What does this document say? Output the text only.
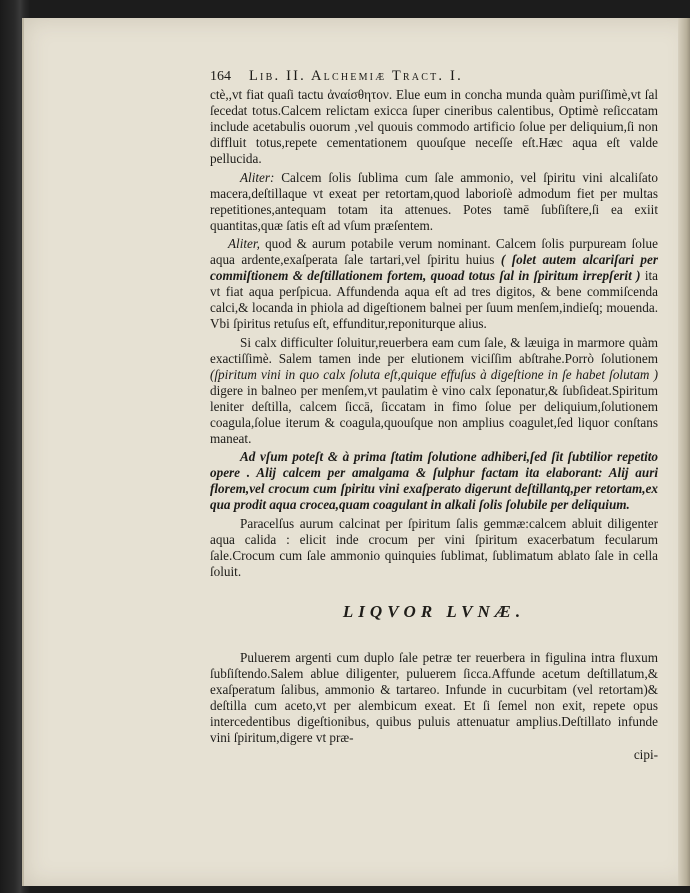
164 Lib. II. Alchemiæ Tract. I.

ctè,,vt fiat quaſi tactu ἀναίσθητον. Elue eum in concha munda quàm puriſſimè,vt ſal ſecedat totus.Calcem relictam exicca ſuper cineribus calentibus, Optimè reſiccatam include acetabulis ouorum ,vel quouis commodo artificio ſolue per deliquium,ſi non diffluit totus,repete cementationem quouſque neceſſe eſt.Hæc aqua eſt valde pellucida.

Aliter: Calcem ſolis ſublima cum ſale ammonio, vel ſpiritu vini alcaliſato macera,deſtillaque vt exeat per retortam,quod laborioſè admodum fiet per multas repetitiones,antequam totam ita attenues. Potes tamē ſubſiſtere,ſi ea exiit quantitas,quæ ſatis eſt ad vſum præſentem.

Aliter, quod & aurum potabile verum nominant. Calcem ſolis purpuream ſolue aqua ardente,exaſperata ſale tartari,vel ſpiritu huius ( ſolet autem alcariſari per commiſtionem & deſtillationem fortem, quoad totus ſal in ſpiritum irrepſerit ) ita vt fiat aqua perſpicua. Affundenda aqua eſt ad tres digitos, & bene commiſcenda calci,& locanda in phiola ad digeſtionem balnei per ſuum menſem,indieſq; mouenda. Vbi ſpiritus retuſus eſt, effunditur,reponiturque alius.

Si calx difficulter ſoluitur,reuerbera eam cum ſale, & læuiga in marmore quàm exactiſſimè. Salem tamen inde per elutionem viciſſim abſtrahe.Porrò ſolutionem (ſpiritum vini in quo calx ſoluta eſt,quique effuſus à digeſtione in ſe habet ſolutam ) digere in balneo per menſem,vt paulatim è vino calx ſeponatur,& ſubſideat.Spiritum leniter deſtilla, calcem ſiccā, ſiccatam in fimo ſolue per deliquium,ſolutionem coagula,ſolue iterum & coagula,quouſque non amplius coagulet,ſed liquor conſtans maneat.

Ad vſum poteſt & à prima ſtatim ſolutione adhiberi,ſed ſit ſubtilior repetito opere . Alij calcem per amalgama & ſulphur factam ita elaborant: Alij auri florem,vel crocum cum ſpiritu vini exaſperato digerunt deſtillantq,per retortam,ex qua prodit aqua crocea,quam coagulant in alkali ſolis ſolubile per deliquium.

Paracelſus aurum calcinat per ſpiritum ſalis gemmæ:calcem abluit diligenter aqua calida : elicit inde crocum per vini ſpiritum exacerbatum fecularum ſale.Crocum cum ſale ammonio quinquies ſublimat, ſublimatum ablato ſale in cella ſoluit.

LIQVOR LVNÆ.

Puluerem argenti cum duplo ſale petræ ter reuerbera in figulina intra fluxum ſubſiſtendo.Salem ablue diligenter, puluerem ſicca.Affunde acetum deſtillatum,& exaſperatum ſalibus, ammonio & tartareo. Infunde in cucurbitam (vel retortam)& deſtilla cum aceto,vt per alembicum exeat. Et ſi ſemel non exit, repete opus intercedentibus digeſtionibus, quibus puluis attenuatur amplius.Deſtillato infunde vini ſpiritum,digere vt præ-

cipi-
